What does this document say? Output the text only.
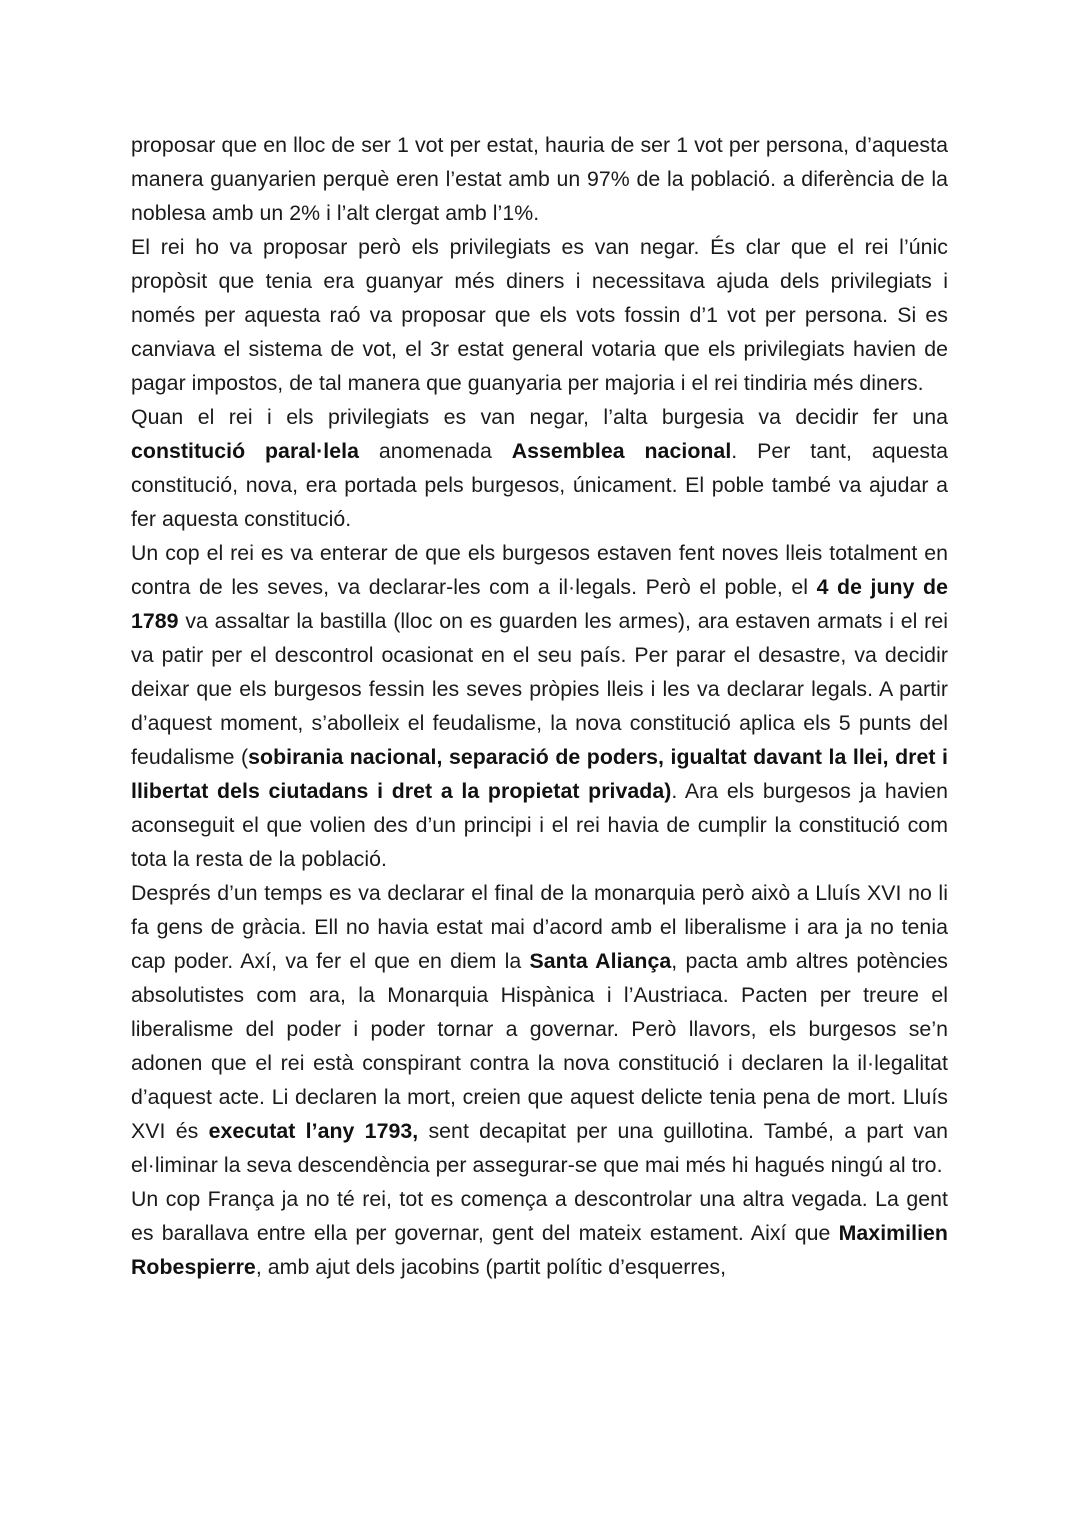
proposar que en lloc de ser 1 vot per estat, hauria de ser 1 vot per persona, d’aquesta manera guanyarien perquè eren l’estat amb un 97% de la població. a diferència de la noblesa amb un 2% i l’alt clergat amb l’1%.

El rei ho va proposar però els privilegiats es van negar. És clar que el rei l’únic propòsit que tenia era guanyar més diners i necessitava ajuda dels privilegiats i només per aquesta raó va proposar que els vots fossin d’1 vot per persona. Si es canviava el sistema de vot, el 3r estat general votaria que els privilegiats havien de pagar impostos, de tal manera que guanyaria per majoria i el rei tindiria més diners.

Quan el rei i els privilegiats es van negar, l’alta burgesia va decidir fer una constitució paral·lela anomenada Assemblea nacional. Per tant, aquesta constitució, nova, era portada pels burgesos, únicament. El poble també va ajudar a fer aquesta constitució.

Un cop el rei es va enterar de que els burgesos estaven fent noves lleis totalment en contra de les seves, va declarar-les com a il·legals. Però el poble, el 4 de juny de 1789 va assaltar la bastilla (lloc on es guarden les armes), ara estaven armats i el rei va patir per el descontrol ocasionat en el seu país. Per parar el desastre, va decidir deixar que els burgesos fessin les seves pròpies lleis i les va declarar legals. A partir d’aquest moment, s’abolleix el feudalisme, la nova constitució aplica els 5 punts del feudalisme (sobirania nacional, separació de poders, igualtat davant la llei, dret i llibertat dels ciutadans i dret a la propietat privada). Ara els burgesos ja havien aconseguit el que volien des d’un principi i el rei havia de cumplir la constitució com tota la resta de la població.

Després d’un temps es va declarar el final de la monarquia però això a Lluís XVI no li fa gens de gràcia. Ell no havia estat mai d’acord amb el liberalisme i ara ja no tenia cap poder. Axí, va fer el que en diem la Santa Aliança, pacta amb altres potències absolutistes com ara, la Monarquia Hispànica i l’Austriaca. Pacten per treure el liberalisme del poder i poder tornar a governar. Però llavors, els burgesos se’n adonen que el rei està conspirant contra la nova constitució i declaren la il·legalitat d’aquest acte. Li declaren la mort, creien que aquest delicte tenia pena de mort. Lluís XVI és executat l’any 1793, sent decapitat per una guillotina. També, a part van el·liminar la seva descendència per assegurar-se que mai més hi hagués ningú al tro.

Un cop França ja no té rei, tot es comença a descontrolar una altra vegada. La gent es barallava entre ella per governar, gent del mateix estament. Així que Maximilien Robespierre, amb ajut dels jacobins (partit polític d’esquerres,
